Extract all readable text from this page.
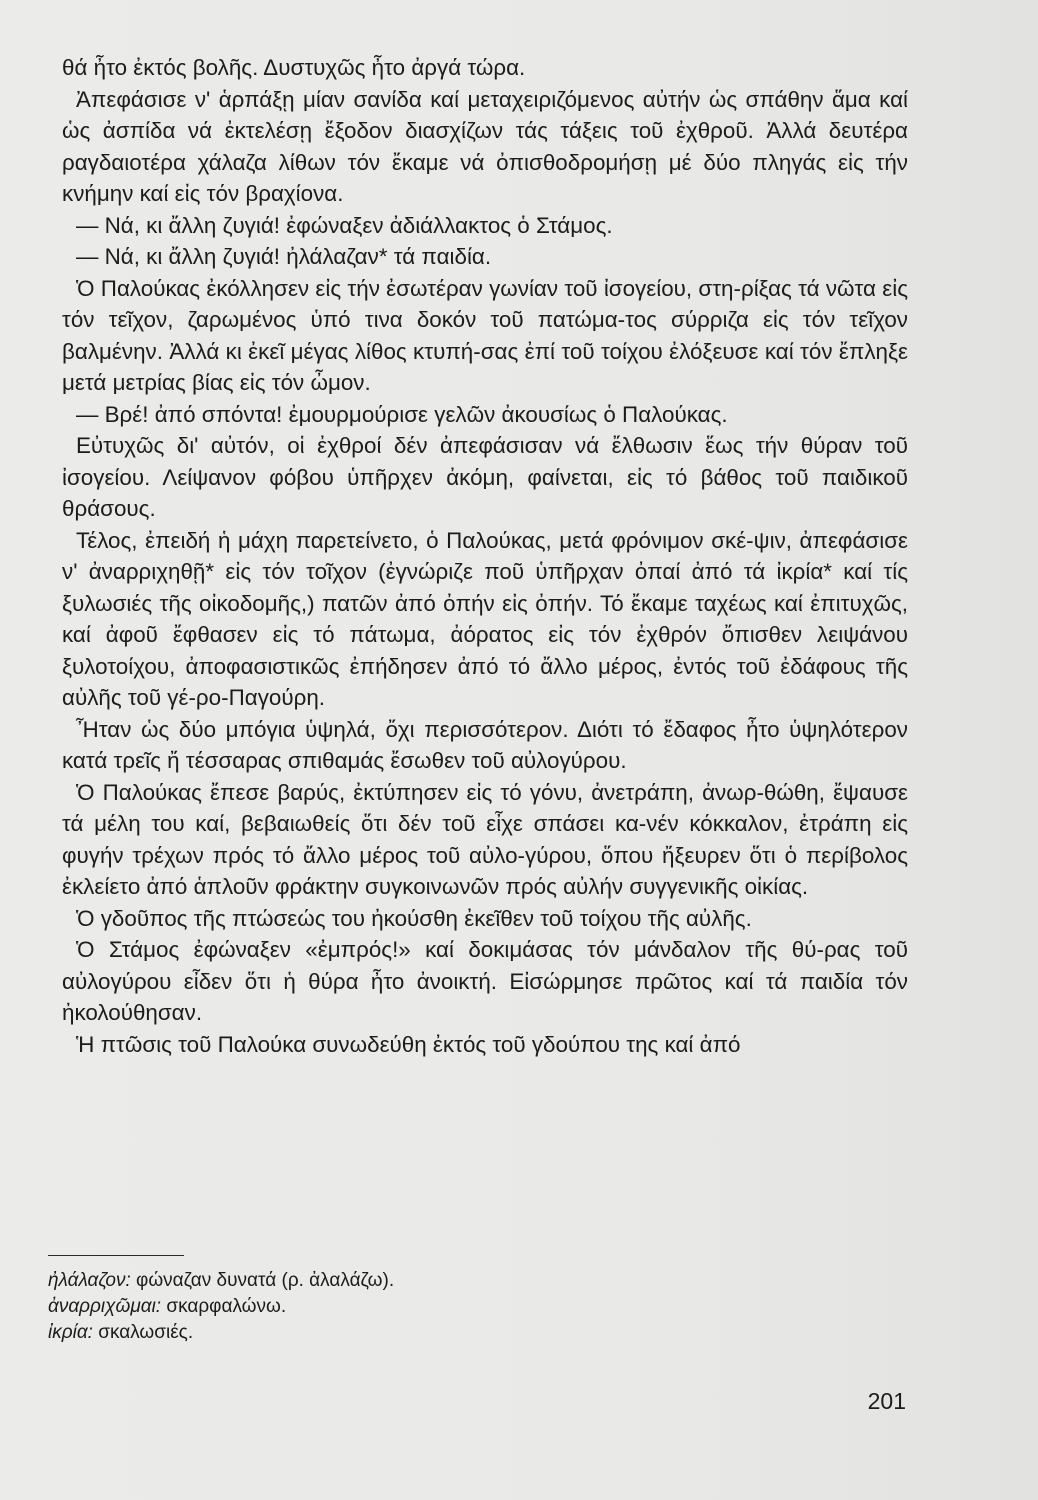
θά ἦτο ἐκτός βολῆς. Δυστυχῶς ἦτο ἀργά τώρα.

Ἀπεφάσισε ν' ἁρπάξῃ μίαν σανίδα καί μεταχειριζόμενος αὐτήν ὡς σπάθην ἅμα καί ὡς ἀσπίδα νά ἐκτελέσῃ ἔξοδον διασχίζων τάς τάξεις τοῦ ἐχθροῦ. Ἀλλά δευτέρα ραγδαιοτέρα χάλαζα λίθων τόν ἔκαμε νά ὀπισθοδρομήσῃ μέ δύο πληγάς εἰς τήν κνήμην καί εἰς τόν βραχίονα.

— Νά, κι ἄλλη ζυγιά! ἐφώναξεν ἀδιάλλακτος ὁ Στάμος.

— Νά, κι ἄλλη ζυγιά! ἠλάλαζαν* τά παιδία.

Ὁ Παλούκας ἐκόλλησεν εἰς τήν ἐσωτέραν γωνίαν τοῦ ἰσογείου, στη-ρίξας τά νῶτα εἰς τόν τεῖχον, ζαρωμένος ὑπό τινα δοκόν τοῦ πατώμα-τος σύρριζα εἰς τόν τεῖχον βαλμένην. Ἀλλά κι ἐκεῖ μέγας λίθος κτυπή-σας ἐπί τοῦ τοίχου ἐλόξευσε καί τόν ἔπληξε μετά μετρίας βίας εἰς τόν ὦμον.

— Βρέ! ἀπό σπόντα! ἐμουρμούρισε γελῶν ἀκουσίως ὁ Παλούκας.

Εὐτυχῶς δι' αὐτόν, οἱ ἐχθροί δέν ἀπεφάσισαν νά ἔλθωσιν ἕως τήν θύραν τοῦ ἰσογείου. Λείψανον φόβου ὑπῆρχεν ἀκόμη, φαίνεται, εἰς τό βάθος τοῦ παιδικοῦ θράσους.

Τέλος, ἐπειδή ἡ μάχη παρετείνετο, ὁ Παλούκας, μετά φρόνιμον σκέ-ψιν, ἀπεφάσισε ν' ἀναρριχηθῇ* εἰς τόν τοῖχον (ἐγνώριζε ποῦ ὑπῆρχαν ὀπαί ἀπό τά ἰκρία* καί τίς ξυλωσιές τῆς οἰκοδομῆς,) πατῶν ἀπό ὀπήν εἰς ὀπήν. Τό ἔκαμε ταχέως καί ἐπιτυχῶς, καί ἀφοῦ ἔφθασεν εἰς τό πάτωμα, ἀόρατος εἰς τόν ἐχθρόν ὄπισθεν λειψάνου ξυλοτοίχου, ἀποφασιστικῶς ἐπήδησεν ἀπό τό ἄλλο μέρος, ἐντός τοῦ ἐδάφους τῆς αὐλῆς τοῦ γέ-ρο-Παγούρη.

Ἦταν ὡς δύο μπόγια ὑψηλά, ὄχι περισσότερον. Διότι τό ἔδαφος ἦτο ὑψηλότερον κατά τρεῖς ἤ τέσσαρας σπιθαμάς ἔσωθεν τοῦ αὐλογύρου.

Ὁ Παλούκας ἔπεσε βαρύς, ἐκτύπησεν εἰς τό γόνυ, ἀνετράπη, ἀνωρ-θώθη, ἔψαυσε τά μέλη του καί, βεβαιωθείς ὅτι δέν τοῦ εἶχε σπάσει κα-νέν κόκκαλον, ἐτράπη εἰς φυγήν τρέχων πρός τό ἄλλο μέρος τοῦ αὐλο-γύρου, ὅπου ἤξευρεν ὅτι ὁ περίβολος ἐκλείετο ἀπό ἁπλοῦν φράκτην συγκοινωνῶν πρός αὐλήν συγγενικῆς οἰκίας.

Ὁ γδοῦπος τῆς πτώσεώς του ἠκούσθη ἐκεῖθεν τοῦ τοίχου τῆς αὐλῆς.

Ὁ Στάμος ἐφώναξεν «ἐμπρός!» καί δοκιμάσας τόν μάνδαλον τῆς θύ-ρας τοῦ αὐλογύρου εἶδεν ὅτι ἡ θύρα ἦτο ἀνοικτή. Εἰσώρμησε πρῶτος καί τά παιδία τόν ἠκολούθησαν.

Ἡ πτῶσις τοῦ Παλούκα συνωδεύθη ἐκτός τοῦ γδούπου της καί ἀπό

ἠλάλαζον: φώναζαν δυνατά (ρ. ἀλαλάζω).
ἀναρριχῶμαι: σκαρφαλώνω.
ἰκρία: σκαλωσιές.
201
